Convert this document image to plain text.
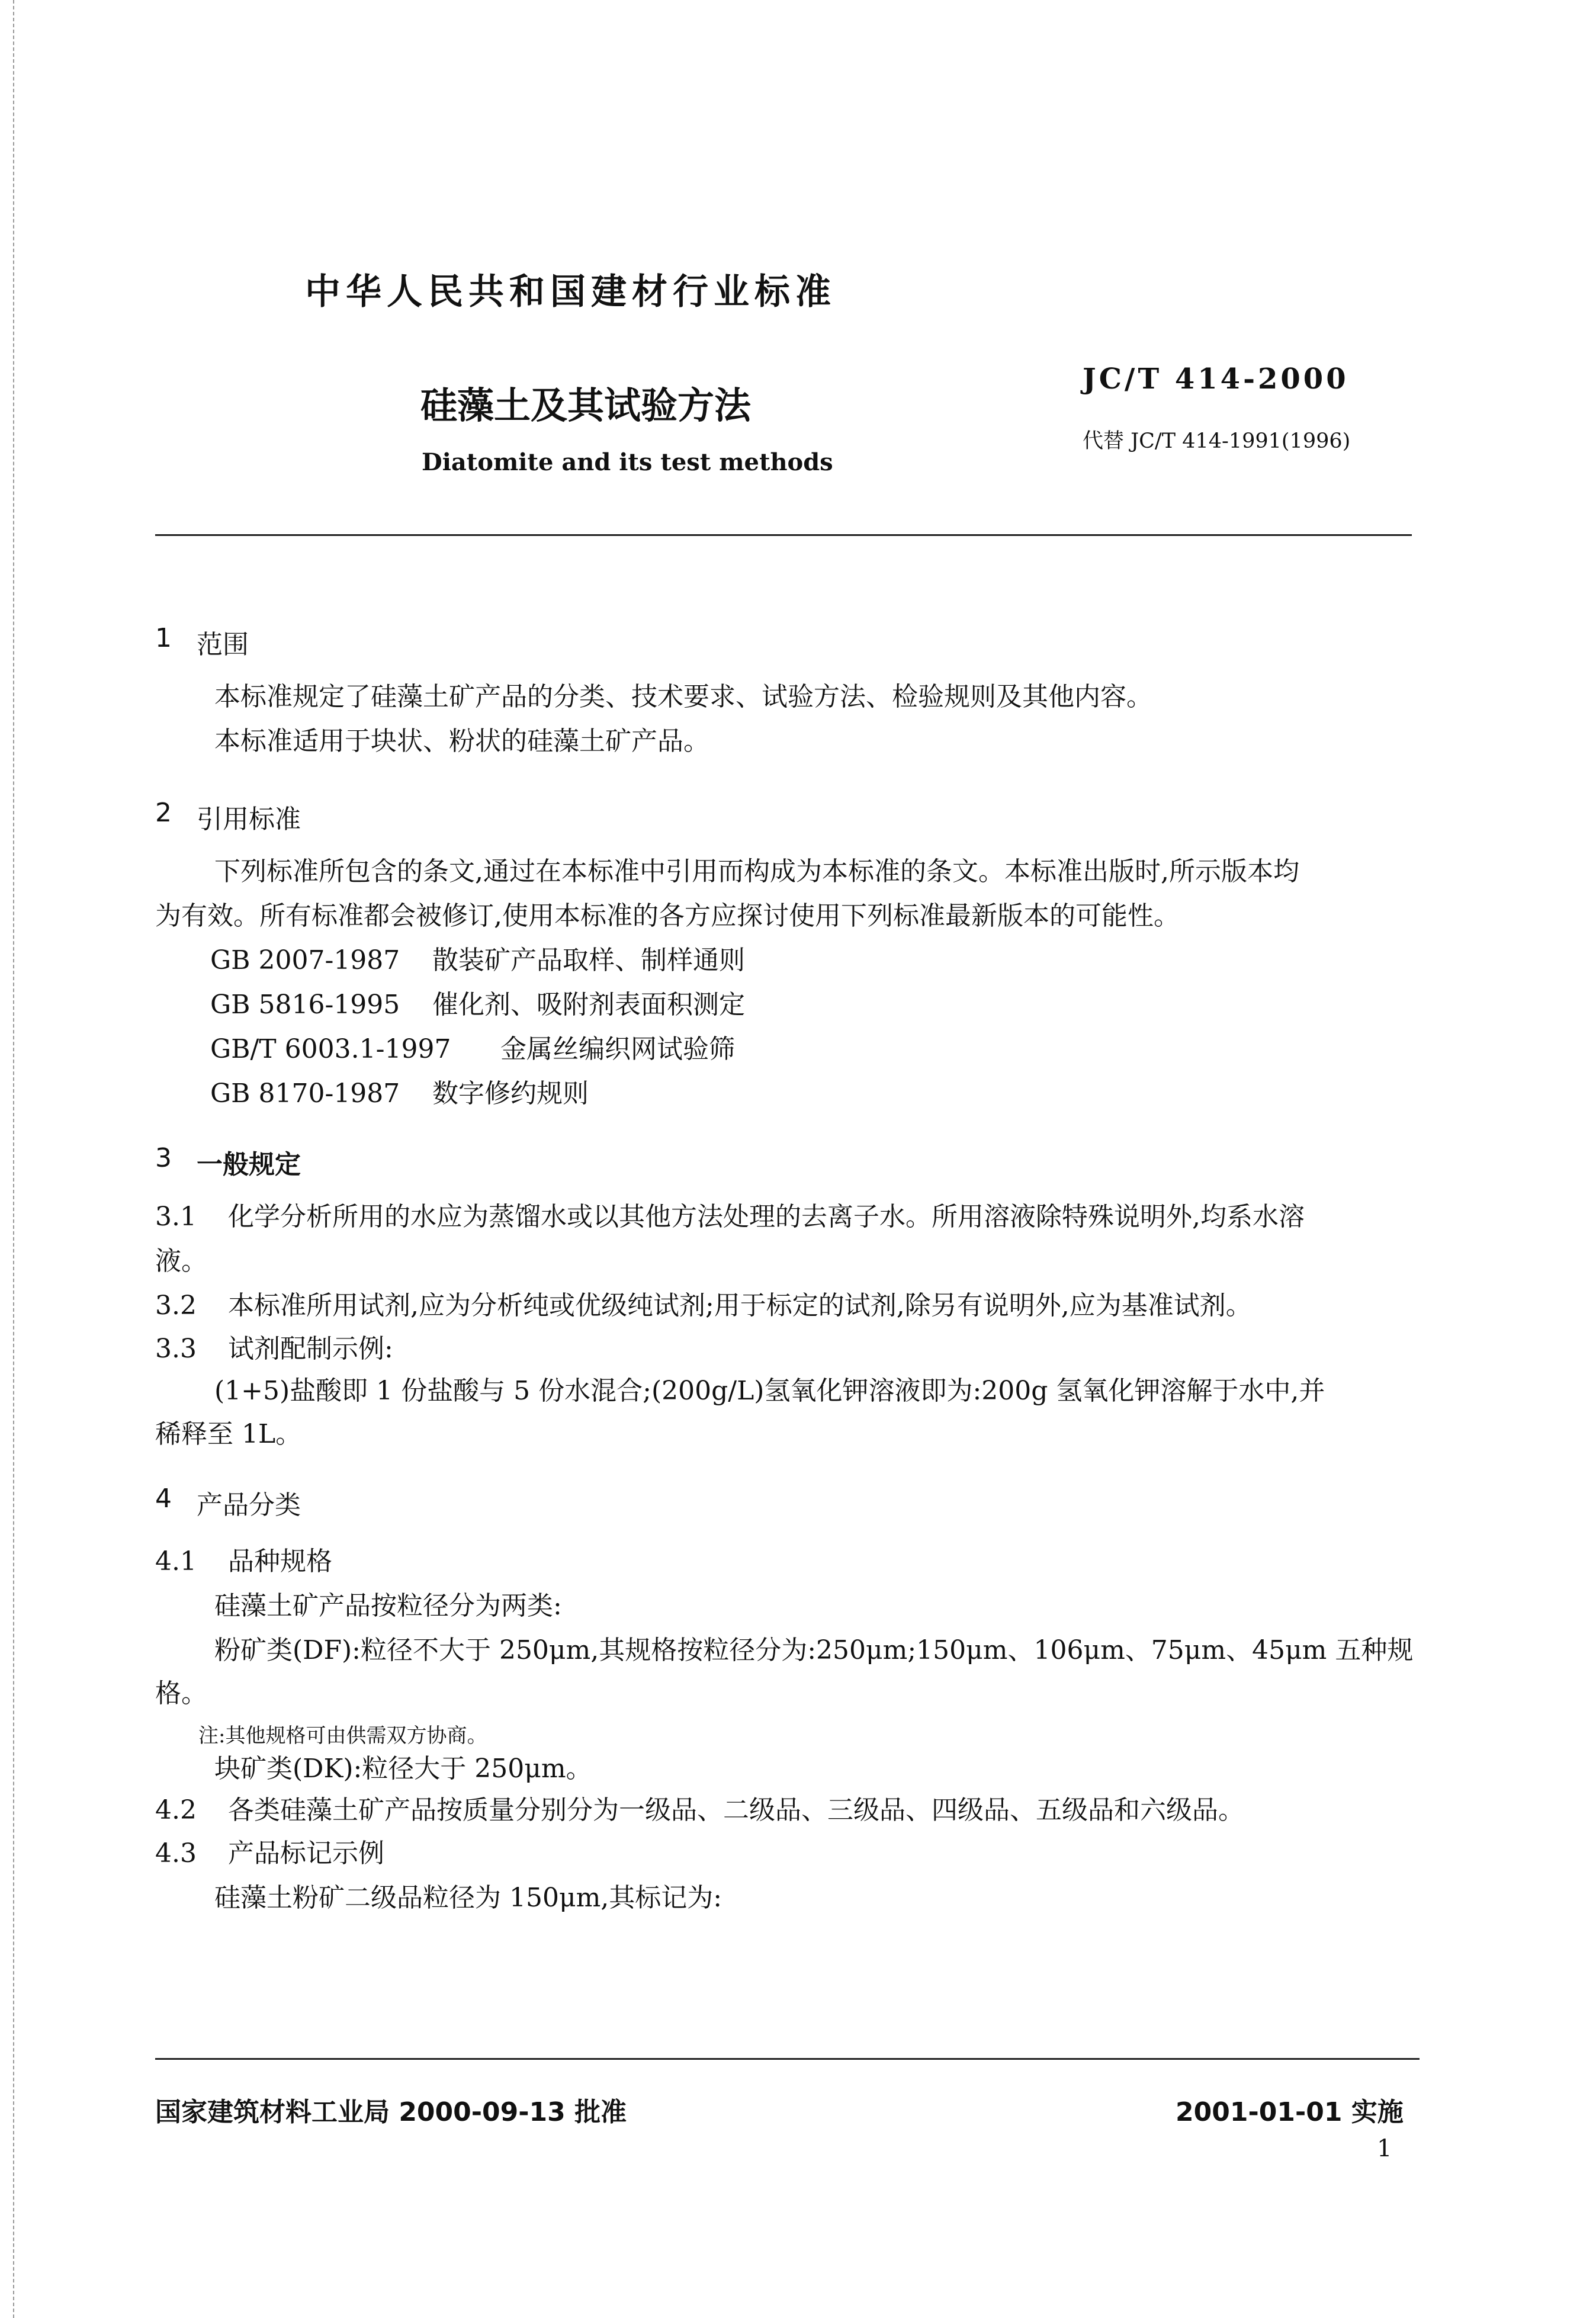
中华人民共和国建材行业标准
硅藻土及其试验方法
Diatomite and its test methods
JC/T 414-2000
代替 JC/T 414-1991(1996)
1 范围
本标准规定了硅藻土矿产品的分类、技术要求、试验方法、检验规则及其他内容。
本标准适用于块状、粉状的硅藻土矿产品。
2 引用标准
下列标准所包含的条文,通过在本标准中引用而构成为本标准的条文。本标准出版时,所示版本均
为有效。所有标准都会被修订,使用本标准的各方应探讨使用下列标准最新版本的可能性。
GB 2007-1987 散装矿产品取样、制样通则
GB 5816-1995 催化剂、吸附剂表面积测定
GB/T 6003.1-1997 金属丝编织网试验筛
GB 8170-1987 数字修约规则
3 一般规定
3.1 化学分析所用的水应为蒸馏水或以其他方法处理的去离子水。所用溶液除特殊说明外,均系水溶
液。
3.2 本标准所用试剂,应为分析纯或优级纯试剂;用于标定的试剂,除另有说明外,应为基准试剂。
3.3 试剂配制示例:
(1+5)盐酸即 1 份盐酸与 5 份水混合;(200g/L)氢氧化钾溶液即为:200g 氢氧化钾溶解于水中,并
稀释至 1L。
4 产品分类
4.1 品种规格
硅藻土矿产品按粒径分为两类:
粉矿类(DF):粒径不大于 250μm,其规格按粒径分为:250μm;150μm、106μm、75μm、45μm 五种规
格。
注:其他规格可由供需双方协商。
块矿类(DK):粒径大于 250μm。
4.2 各类硅藻土矿产品按质量分别分为一级品、二级品、三级品、四级品、五级品和六级品。
4.3 产品标记示例
硅藻土粉矿二级品粒径为 150μm,其标记为:
国家建筑材料工业局 2000-09-13 批准	2001-01-01 实施
1
